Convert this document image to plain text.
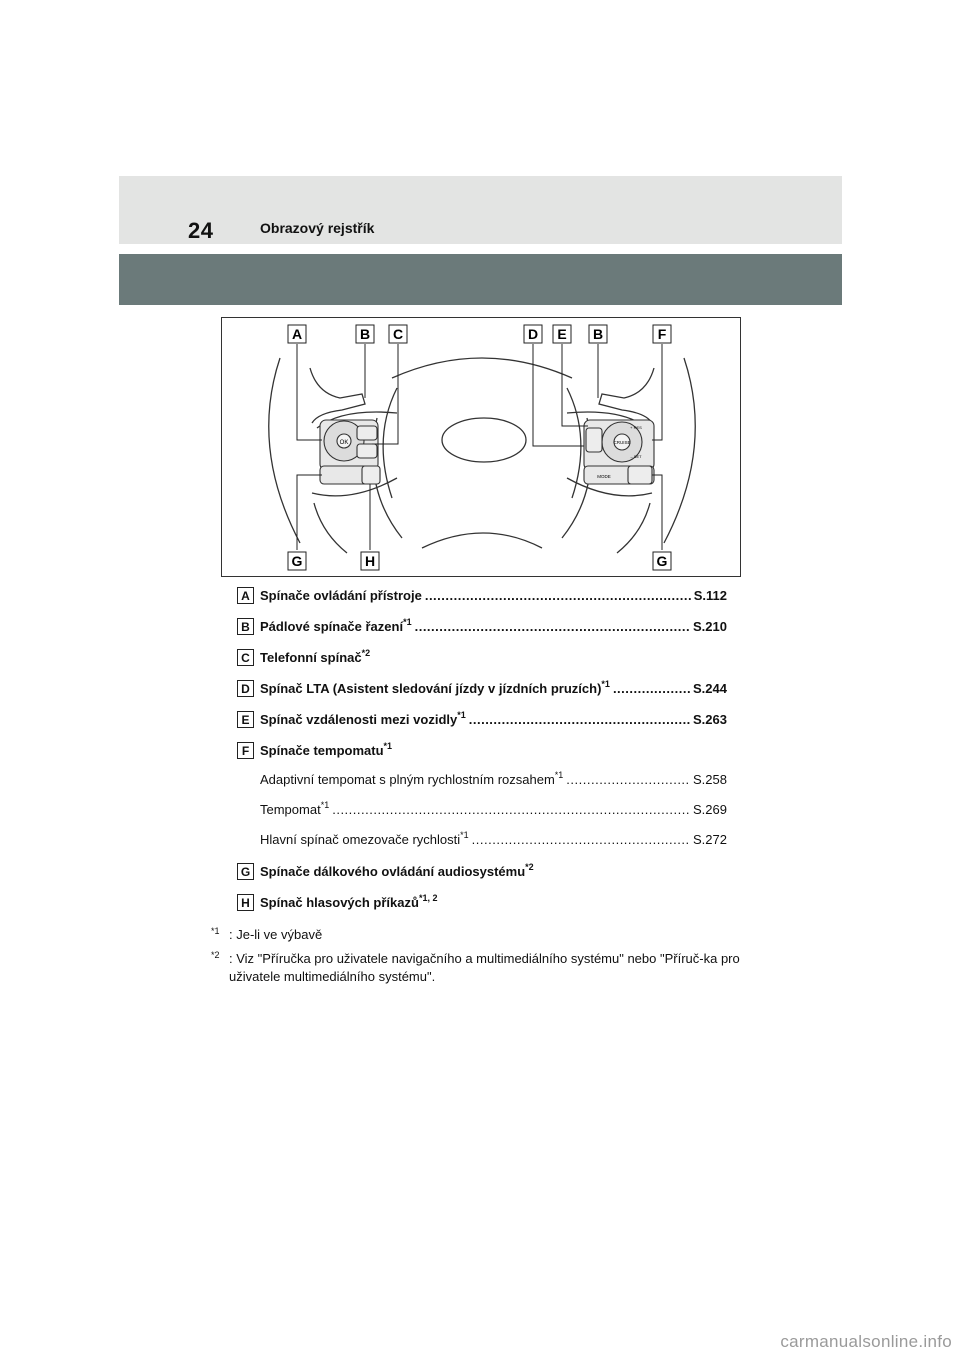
24	Obrazový rejstřík
OK	CRUISE
+ RES
– SET
MODE
A	B C	D E B	F
G	H	G
A Spínače ovládání přístroje .....	S.112
B Pádlové spínače řazení$^{*1}$ .....	S.210
C Telefonní spínač$^{*2}$
D Spínač LTA (Asistent sledování jízdy v jízdních pruzích)$^{*1}$ .....	S.244
E Spínač vzdálenosti mezi vozidly$^{*1}$ .....	S.263
F Spínače tempomatu$^{*1}$
Adaptivní tempomat s plným rychlostním rozsahem$^{*1}$ .....	S.258
Tempomat$^{*1}$ .....	S.269
Hlavní spínač omezovače rychlosti$^{*1}$ .....	S.272
G Spínače dálkového ovládání audiosystému$^{*2}$
H Spínač hlasových příkazů$^{*1, 2}$
$^{*1}$ : Je-li ve výbavě
$^{*2}$ : Viz "Příručka pro uživatele navigačního a multimediálního systému" nebo "Příruč-ka pro uživatele multimediálního systému".
carmanualsonline.info
